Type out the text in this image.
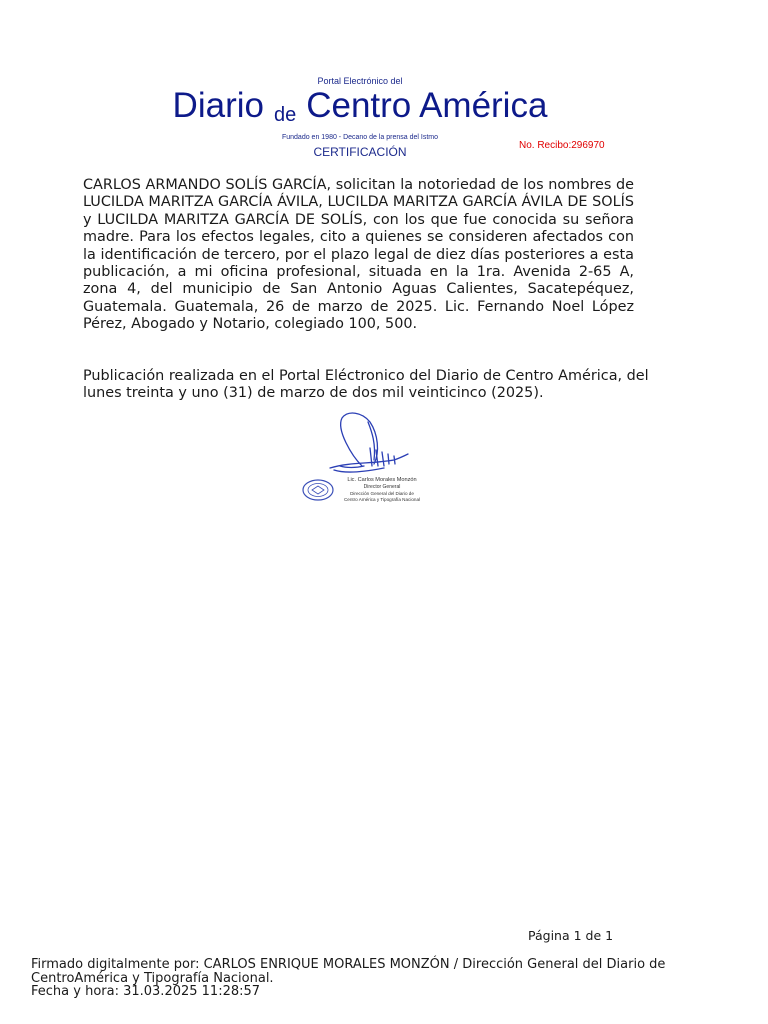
Portal Electrónico del
Diario de Centro América
Fundado en 1980 - Decano de la prensa del Istmo
CERTIFICACIÓN	No. Recibo:296970

CARLOS ARMANDO SOLÍS GARCÍA, solicitan la notoriedad de los nombres de LUCILDA MARITZA GARCÍA ÁVILA, LUCILDA MARITZA GARCÍA ÁVILA DE SOLÍS y LUCILDA MARITZA GARCÍA DE SOLÍS, con los que fue conocida su señora madre. Para los efectos legales, cito a quienes se consideren afectados con la identificación de tercero, por el plazo legal de diez días posteriores a esta publicación, a mi oficina profesional, situada en la 1ra. Avenida 2-65 A, zona 4, del municipio de San Antonio Aguas Calientes, Sacatepéquez, Guatemala. Guatemala, 26 de marzo de 2025. Lic. Fernando Noel López Pérez, Abogado y Notario, colegiado 100, 500.

Publicación realizada en el Portal Eléctronico del Diario de Centro América, del lunes treinta y uno (31) de marzo de dos mil veinticinco (2025).

Lic. Carlos Morales Monzón
Director General
Dirección General del Diario de
Centro América y Tipografía Nacional
Página 1 de 1
Firmado digitalmente por: CARLOS ENRIQUE MORALES MONZÓN / Dirección General del Diario de CentroAmérica y Tipografía Nacional.
Fecha y hora: 31.03.2025 11:28:57
